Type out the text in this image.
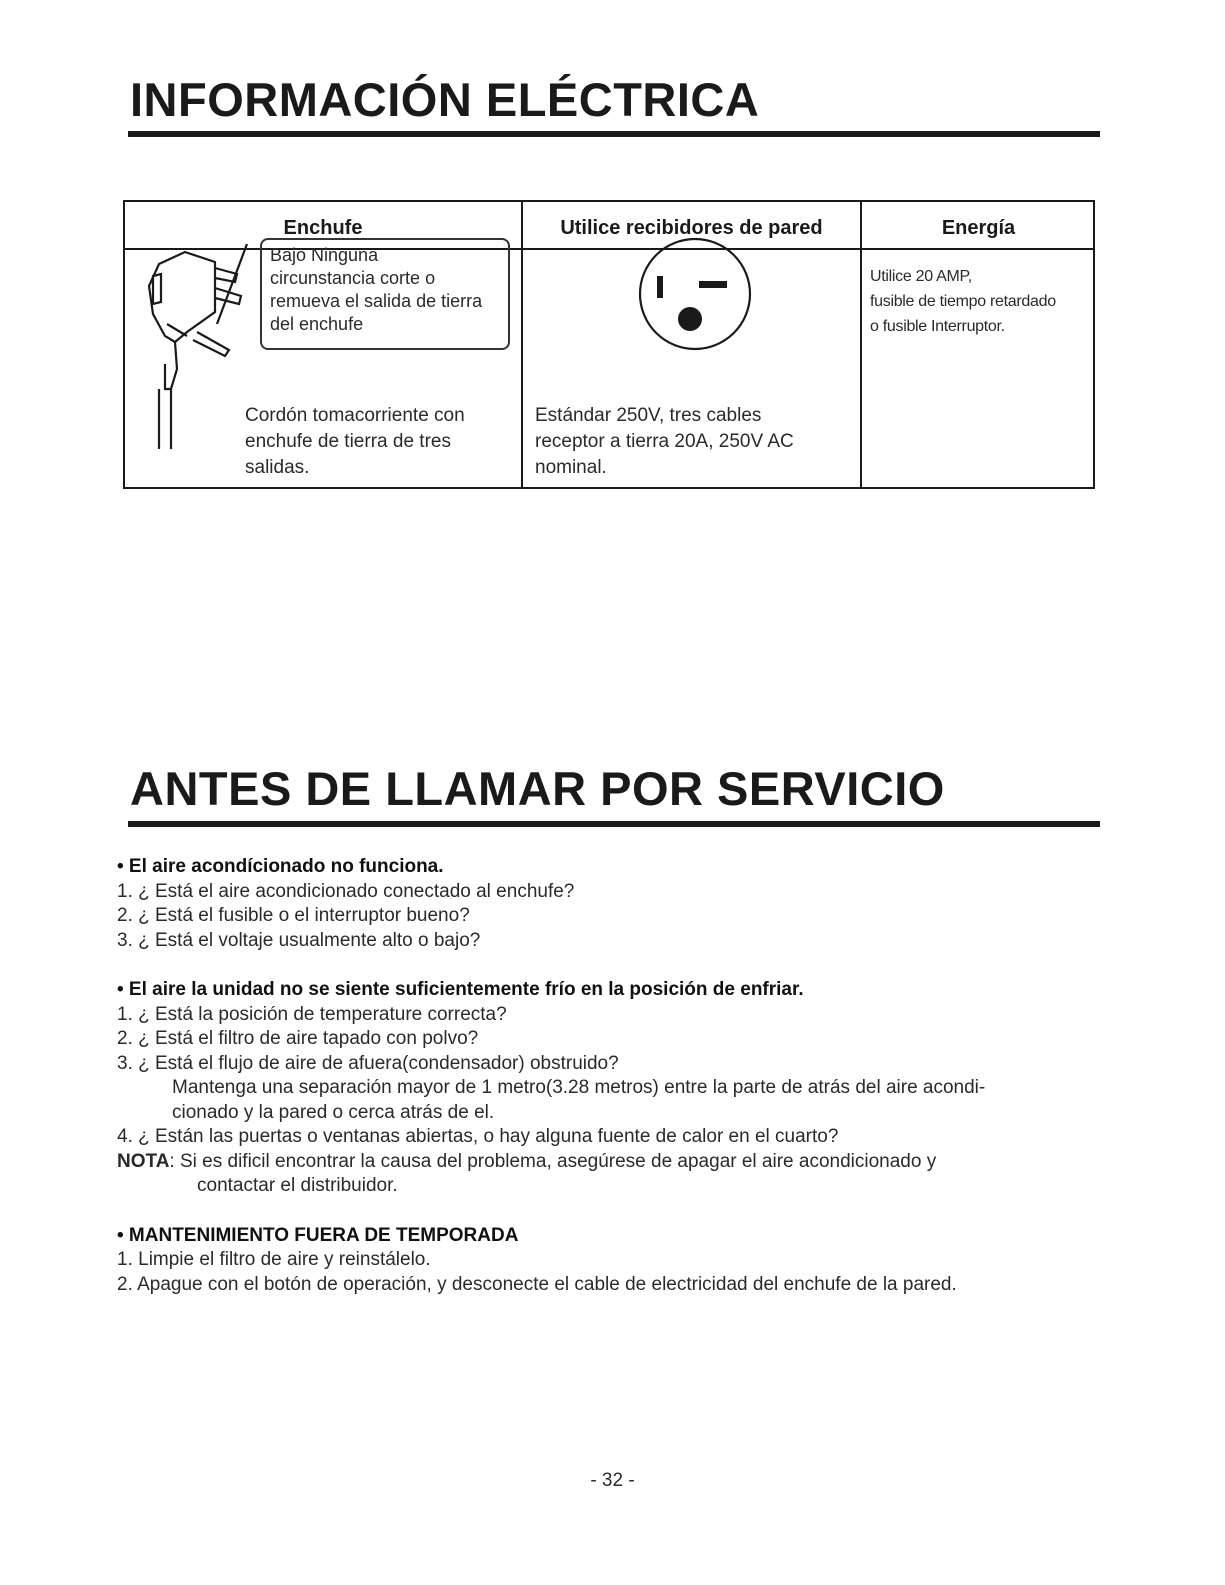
INFORMACIÓN ELÉCTRICA
Enchufe
Bajo Ninguna
circunstancia corte o
remueva el salida de tierra
del enchufe
Cordón tomacorriente con
enchufe de tierra de tres
salidas.
Utilice recibidores de pared
Estándar 250V, tres cables
receptor a tierra 20A, 250V AC
nominal.
Energía
Utilice 20 AMP,
fusible de tiempo retardado
o fusible Interruptor.
ANTES DE LLAMAR POR SERVICIO

• El aire acondícionado no funciona.

1. ¿ Está el aire acondicionado conectado al enchufe?

2. ¿ Está el fusible o el interruptor bueno?

3. ¿ Está el voltaje usualmente alto o bajo?

• El aire la unidad no se siente suficientemente frío en la posición de enfriar.

1. ¿ Está la posición de temperature correcta?

2. ¿ Está el filtro de aire tapado con polvo?

3. ¿ Está el flujo de aire de afuera(condensador) obstruido?

Mantenga una separación mayor de 1 metro(3.28 metros) entre la parte de atrás del aire acondi-

cionado y la pared o cerca atrás de el.

4. ¿ Están las puertas o ventanas abiertas, o hay alguna fuente de calor en el cuarto?

NOTA: Si es dificil encontrar la causa del problema, asegúrese de apagar el aire acondicionado y

contactar el distribuidor.

• MANTENIMIENTO FUERA DE TEMPORADA

1. Limpie el filtro de aire y reinstálelo.

2. Apague con el botón de operación, y desconecte el cable de electricidad del enchufe de la pared.

- 32 -
